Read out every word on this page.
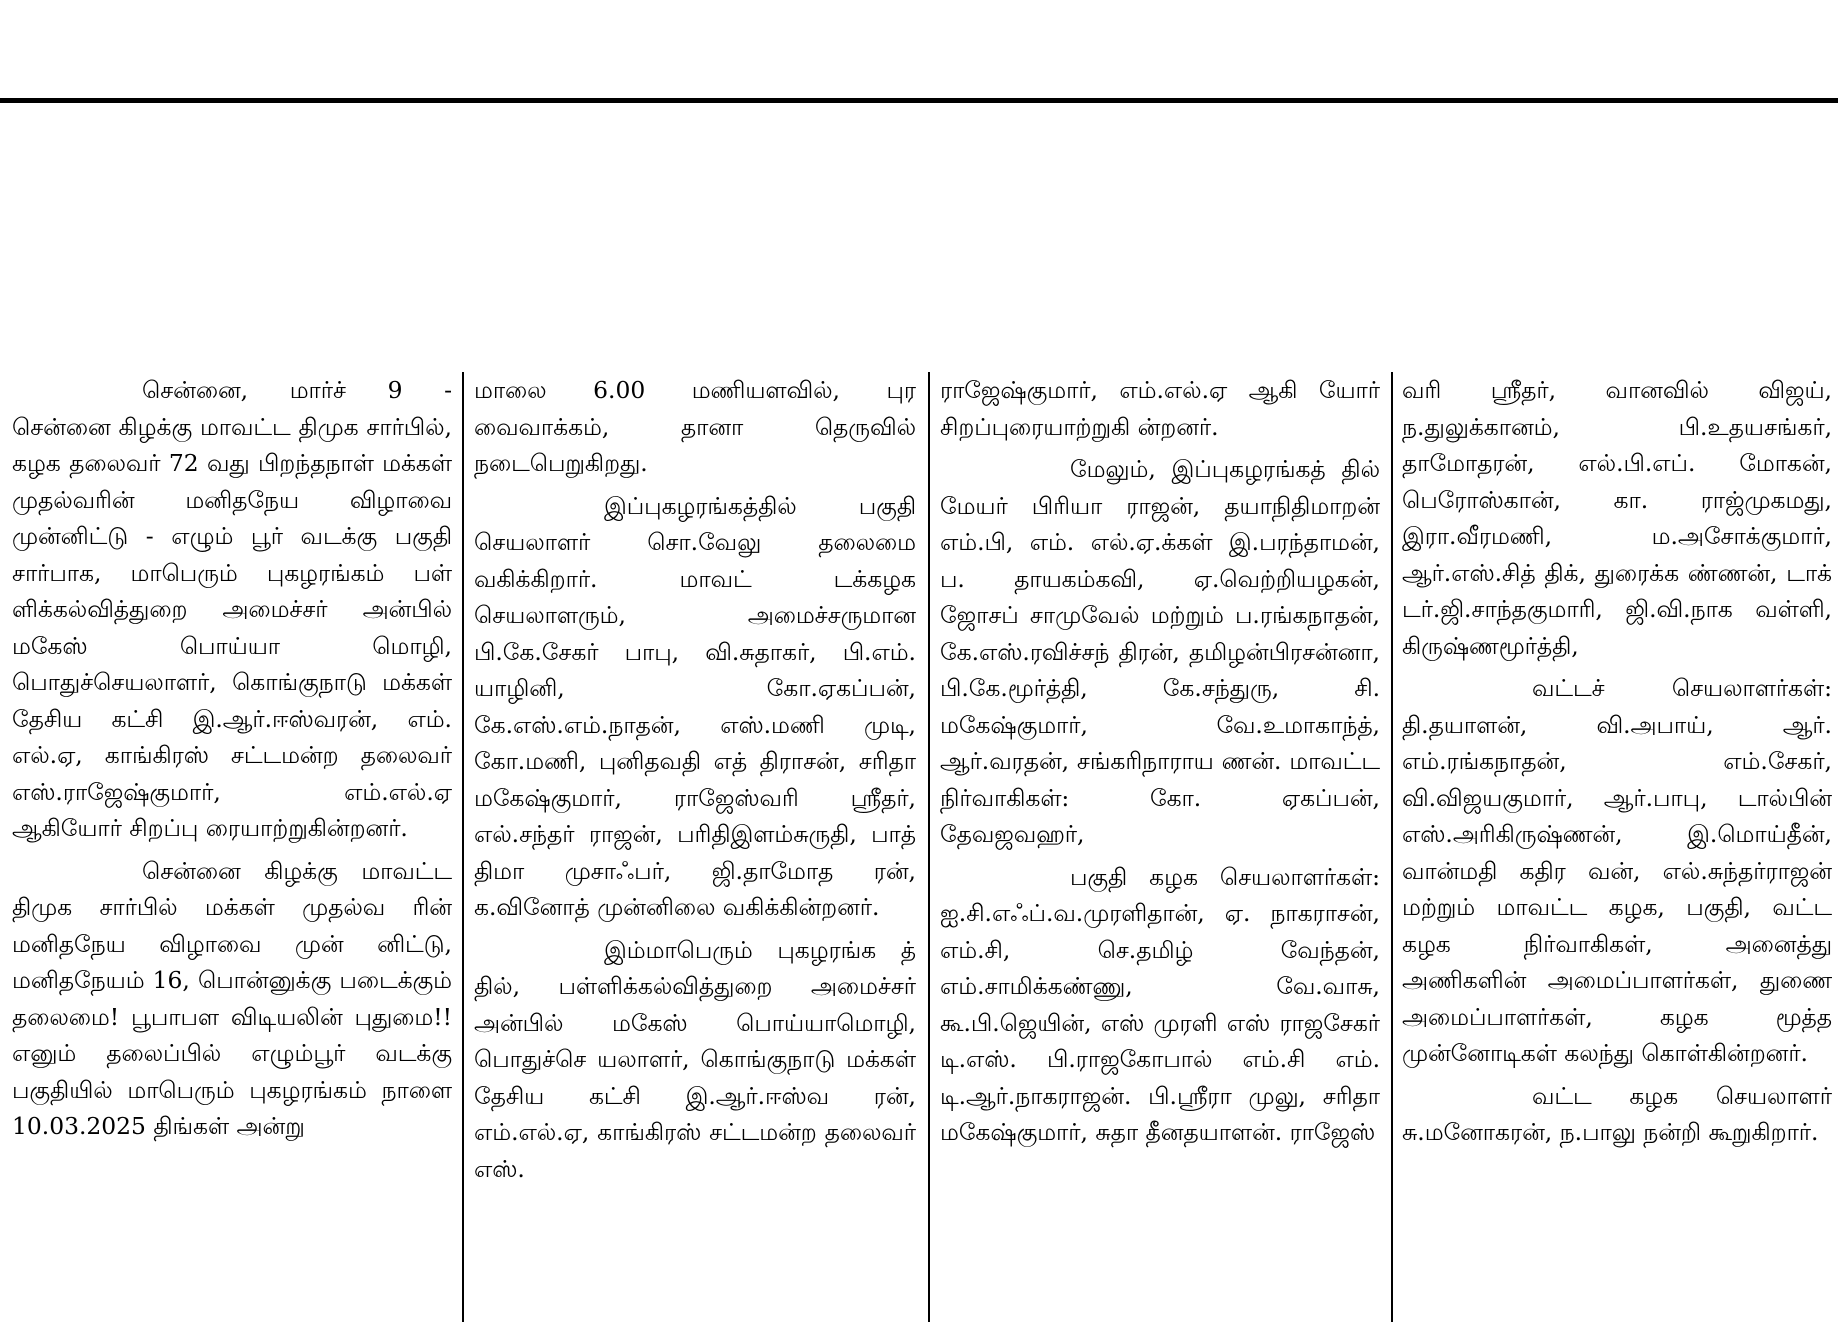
சென்னை, மார்ச் 9 - சென்னை கிழக்கு மாவட்ட திமுக சார்பில், கழக தலைவர் 72 வது பிறந்தநாள் மக்கள் முதல்வரின் மனிதநேய விழாவை முன்னிட்டு - எழும் பூர் வடக்கு பகுதி சார்பாக, மாபெரும் புகழரங்கம் பள் ளிக்கல்வித்துறை அமைச்சர் அன்பில் மகேஸ் பொய்யா மொழி, பொதுச்செயலாளர், கொங்குநாடு மக்கள் தேசிய கட்சி இ.ஆர்.ஈஸ்வரன், எம். எல்.ஏ, காங்கிரஸ் சட்டமன்ற தலைவர் எஸ்.ராஜேஷ்குமார், எம்.எல்.ஏ ஆகியோர் சிறப்பு ரையாற்றுகின்றனர்.

சென்னை கிழக்கு மாவட்ட திமுக சார்பில் மக்கள் முதல்வ ரின் மனிதநேய விழாவை முன் னிட்டு, மனிதநேயம் 16, பொன்னுக்கு படைக்கும் தலைமை! பூபாபள விடியலின் புதுமை!! எனும் தலைப்பில் எழும்பூர் வடக்கு பகுதியில் மாபெரும் புகழரங்கம் நாளை 10.03.2025 திங்கள் அன்று

மாலை 6.00 மணியளவில், புர வைவாக்கம், தானா தெருவில் நடைபெறுகிறது.

இப்புகழரங்கத்தில் பகுதி செயலாளர் சொ.வேலு தலைமை வகிக்கிறார். மாவட் டக்கழக செயலாளரும், அமைச்சருமான பி.கே.சேகர் பாபு, வி.சுதாகர், பி.எம். யாழினி, கோ.ஏகப்பன், கே.எஸ்.எம்.நாதன், எஸ்.மணி முடி, கோ.மணி, புனிதவதி எத் திராசன், சரிதா மகேஷ்குமார், ராஜேஸ்வரி ஸ்ரீதர், எல்.சந்தர் ராஜன், பரிதிஇளம்சுருதி, பாத் திமா முசாஃபர், ஜி.தாமோத ரன், க.வினோத் முன்னிலை வகிக்கின்றனர்.

இம்மாபெரும் புகழரங்க த் தில், பள்ளிக்கல்வித்துறை அமைச்சர் அன்பில் மகேஸ் பொய்யாமொழி, பொதுச்செ யலாளர், கொங்குநாடு மக்கள் தேசிய கட்சி இ.ஆர்.ஈஸ்வ ரன், எம்.எல்.ஏ, காங்கிரஸ் சட்டமன்ற தலைவர் எஸ்.

ராஜேஷ்குமார், எம்.எல்.ஏ ஆகி யோர் சிறப்புரையாற்றுகி ன்றனர்.

மேலும், இப்புகழரங்கத் தில் மேயர் பிரியா ராஜன், தயாநிதிமாறன் எம்.பி, எம். எல்.ஏ.க்கள் இ.பரந்தாமன், ப. தாயகம்கவி, ஏ.வெற்றியழகன், ஜோசப் சாமுவேல் மற்றும் ப.ரங்கநாதன், கே.எஸ்.ரவிச்சந் திரன், தமிழன்பிரசன்னா, பி.கே.மூர்த்தி, கே.சந்துரு, சி. மகேஷ்குமார், வே.உமாகாந்த், ஆர்.வரதன், சங்கரிநாராய ணன். மாவட்ட நிர்வாகிகள்: கோ. ஏகப்பன், தேவஜவஹர்,

பகுதி கழக செயலாளர்கள்: ஐ.சி.எஃப்.வ.முரளிதான், ஏ. நாகராசன், எம்.சி, செ.தமிழ் வேந்தன், எம்.சாமிக்கண்ணு, வே.வாசு, கூ.பி.ஜெயின், எஸ் முரளி எஸ் ராஜசேகர் டி.எஸ். பி.ராஜகோபால் எம்.சி எம். டி.ஆர்.நாகராஜன். பி.ஸ்ரீரா முலு, சரிதா மகேஷ்குமார், சுதா தீனதயாளன். ராஜேஸ்

வரி ஸ்ரீதர், வானவில் விஜய், ந.துலுக்கானம், பி.உதயசங்கர், தாமோதரன், எல்.பி.எப். மோகன், பெரோஸ்கான், கா. ராஜ்முகமது, இரா.வீரமணி, ம.அசோக்குமார், ஆர்.எஸ்.சித் திக், துரைக்க ண்ணன், டாக் டர்.ஜி.சாந்தகுமாரி, ஜி.வி.நாக வள்ளி, கிருஷ்ணமூர்த்தி,

வட்டச் செயலாளர்கள்: தி.தயாளன், வி.அபாய், ஆர். எம்.ரங்கநாதன், எம்.சேகர், வி.விஜயகுமார், ஆர்.பாபு, டால்பின் எஸ்.அரிகிருஷ்ணன், இ.மொய்தீன், வான்மதி கதிர வன், எல்.சுந்தர்ராஜன் மற்றும் மாவட்ட கழக, பகுதி, வட்ட கழக நிர்வாகிகள், அனைத்து அணிகளின் அமைப்பாளர்கள், துணை அமைப்பாளர்கள், கழக மூத்த முன்னோடிகள் கலந்து கொள்கின்றனர்.

வட்ட கழக செயலாளர் சு.மனோகரன், ந.பாலு நன்றி கூறுகிறார்.
